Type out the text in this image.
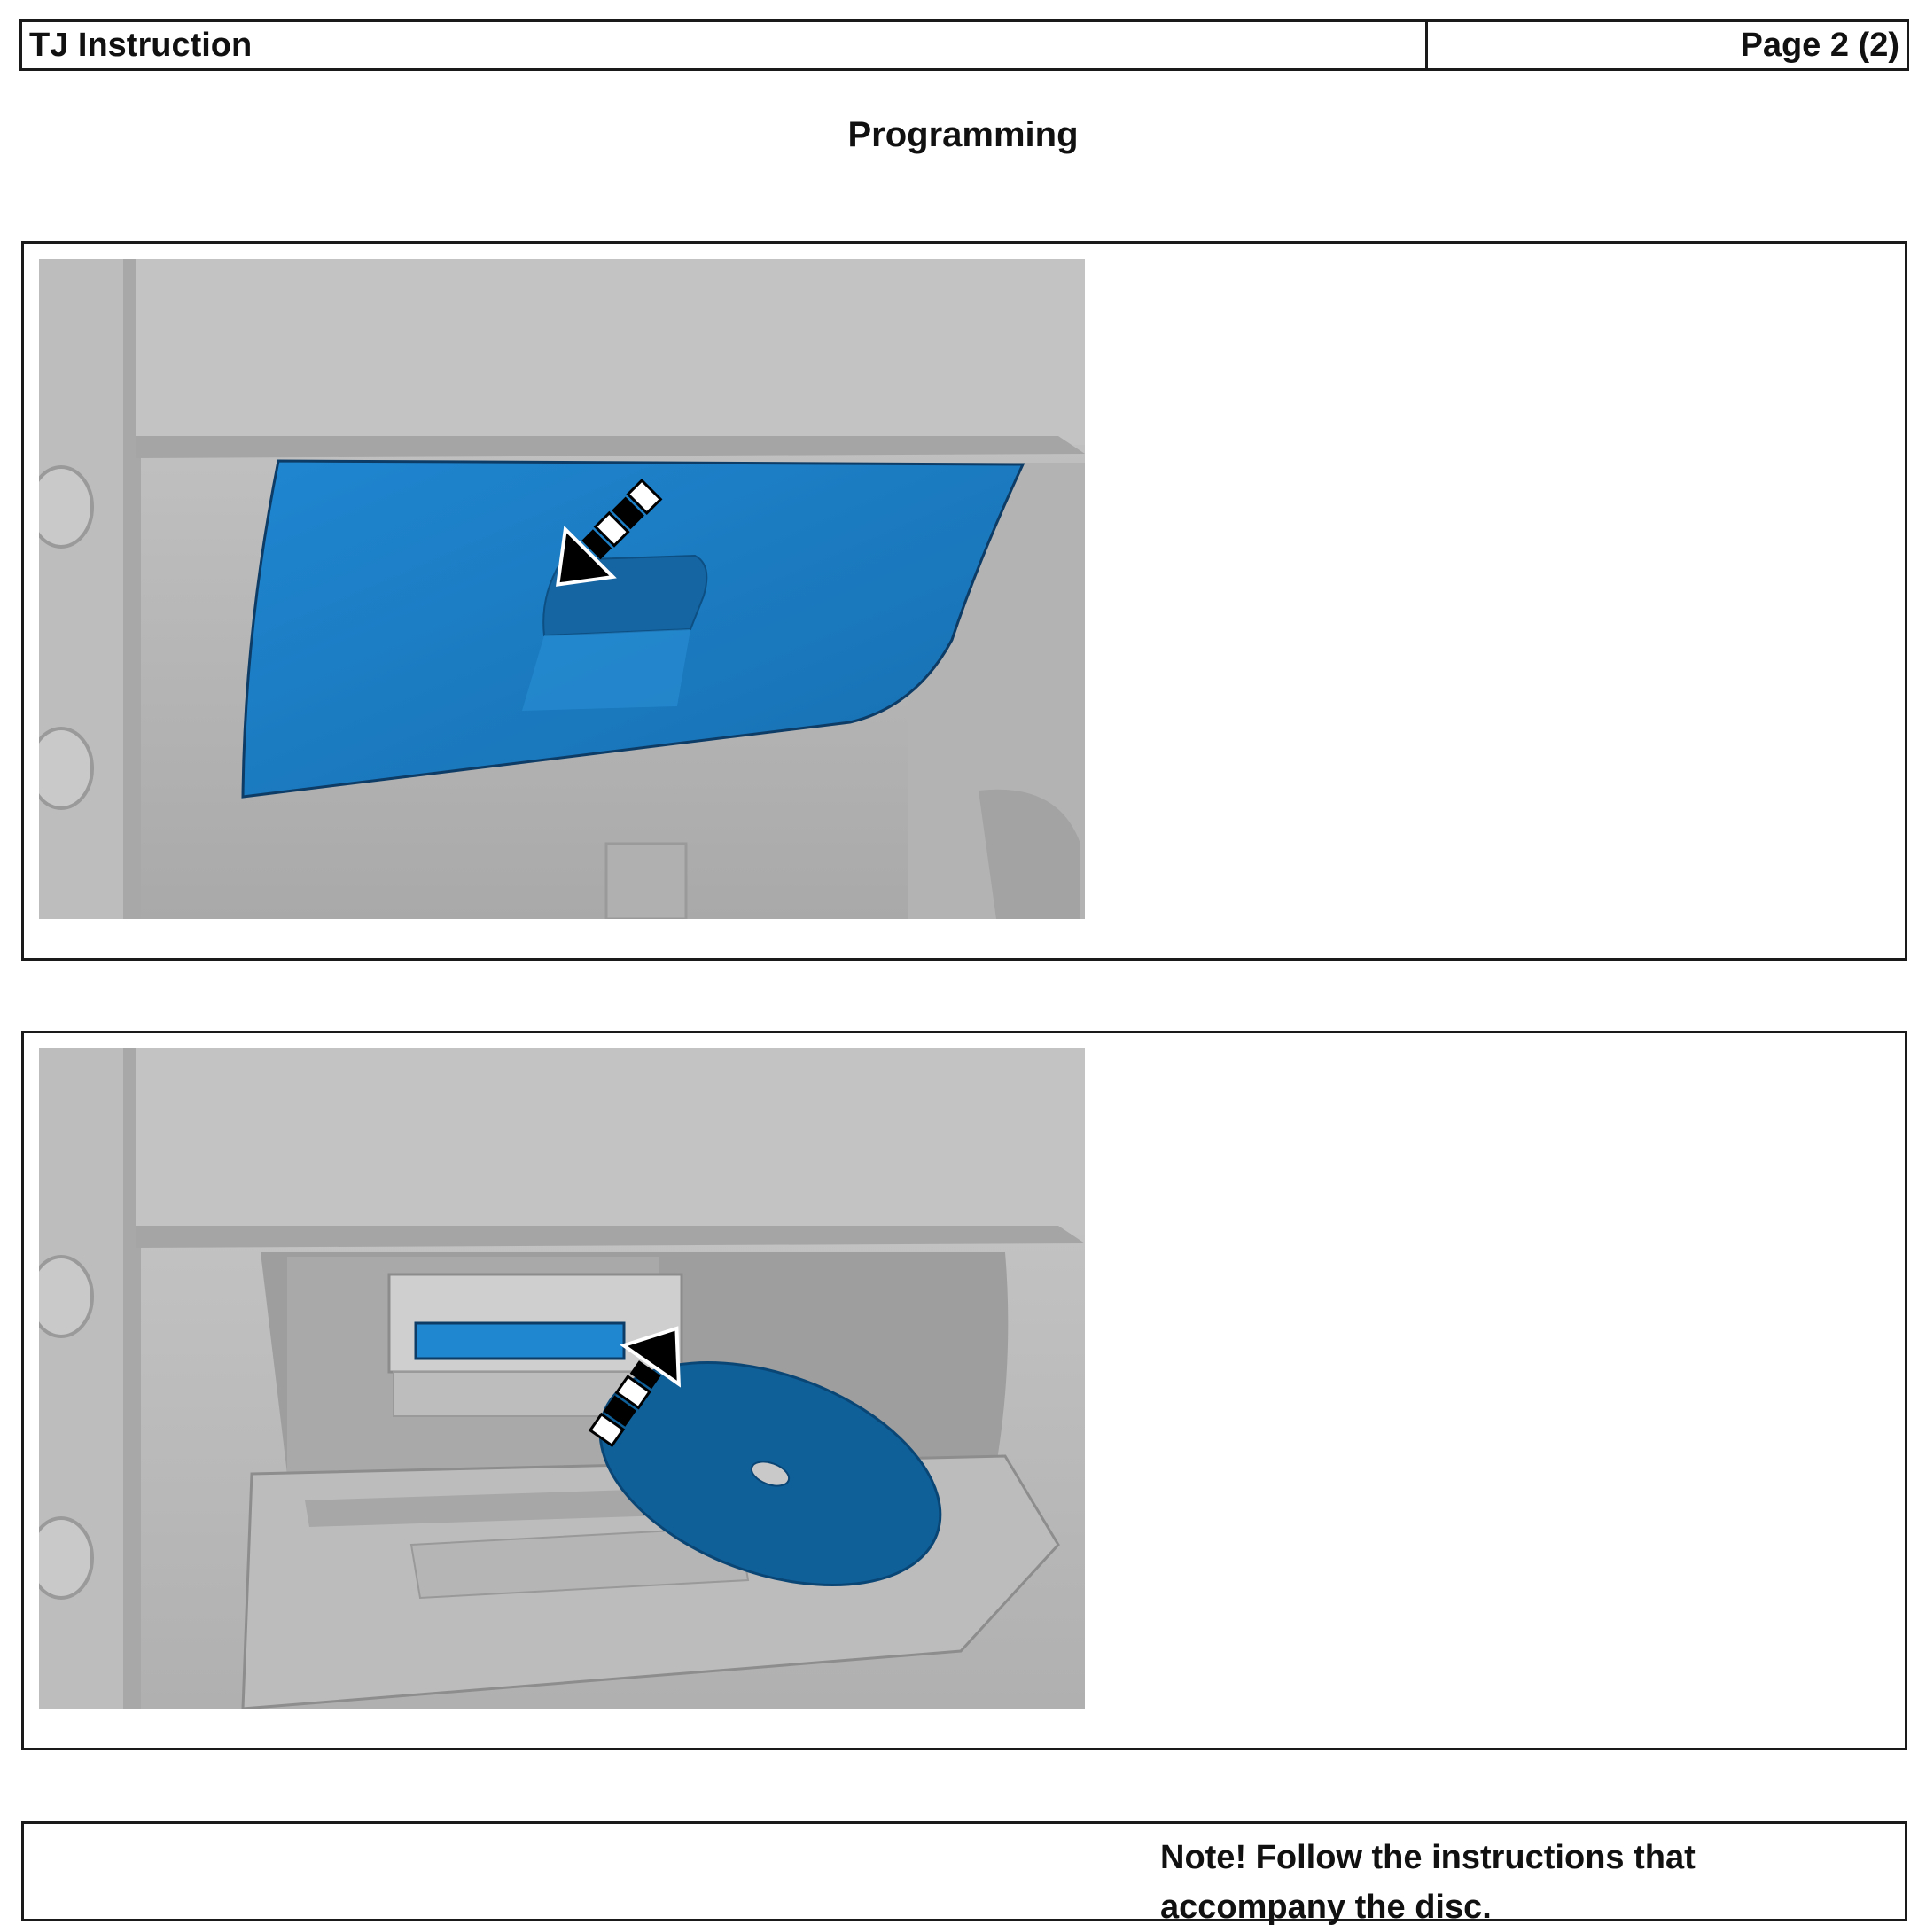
TJ Instruction	Page 2 (2)
Programming
Note! Follow the instructions that
accompany the disc.
